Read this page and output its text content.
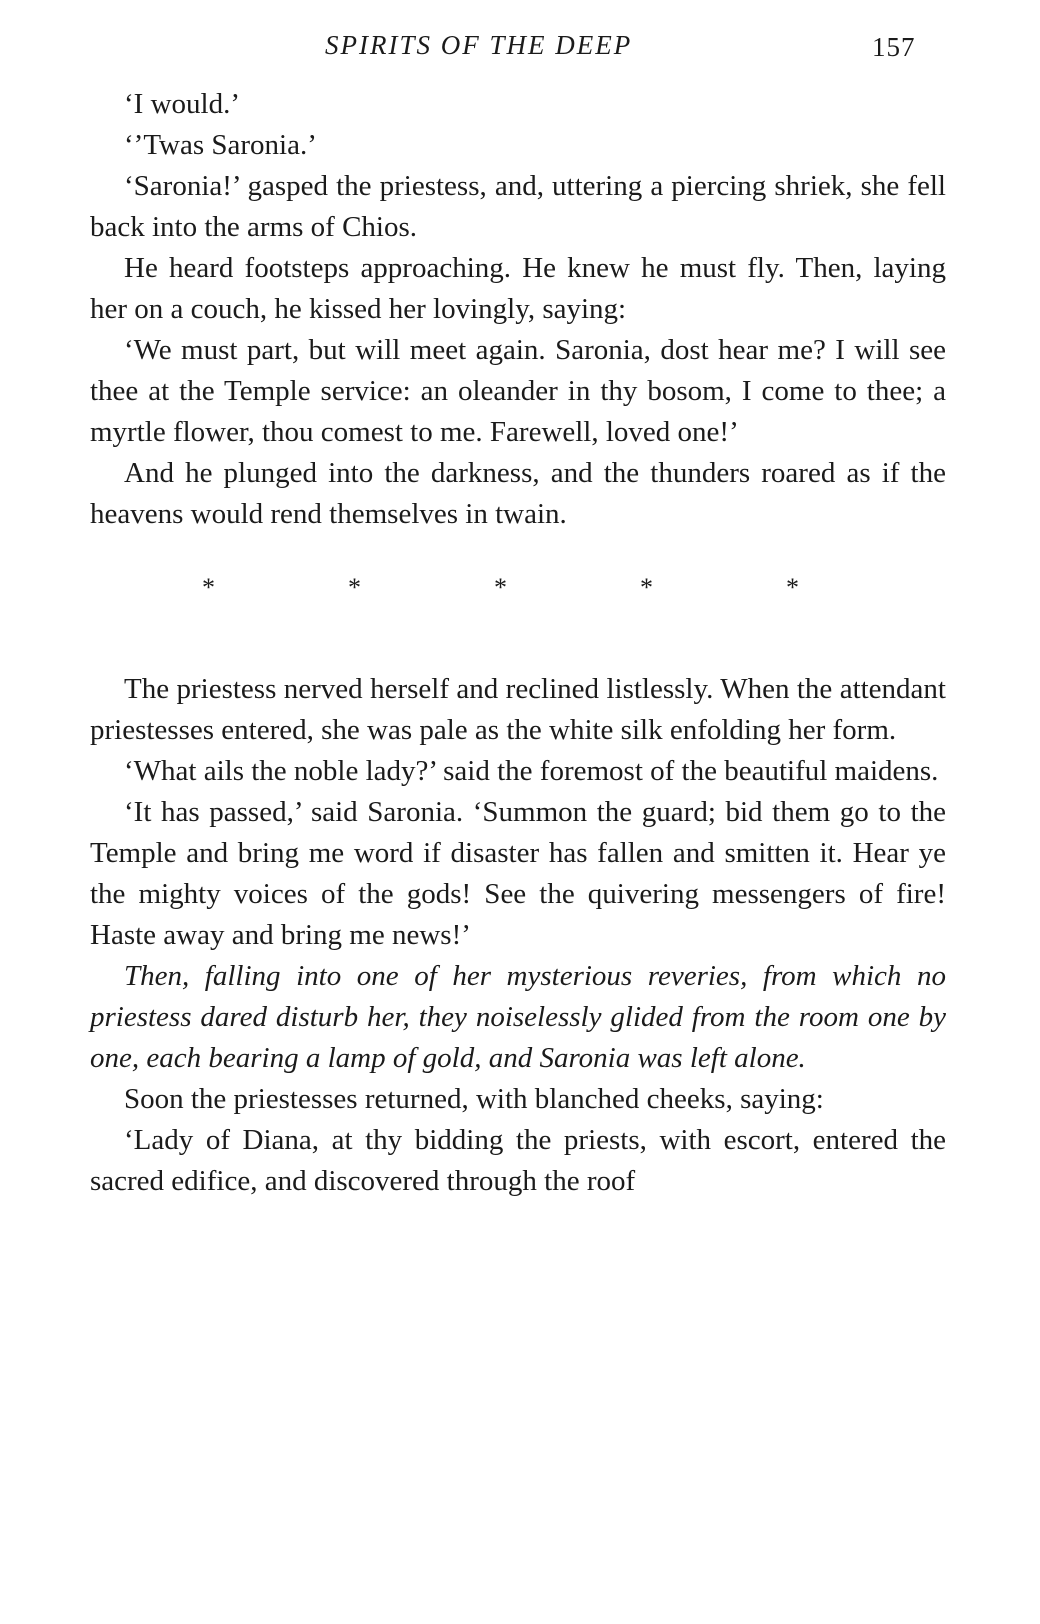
SPIRITS OF THE DEEP	157

‘I would.’

‘’Twas Saronia.’

‘Saronia!’ gasped the priestess, and, uttering a piercing shriek, she fell back into the arms of Chios.

He heard footsteps approaching. He knew he must fly. Then, laying her on a couch, he kissed her lovingly, saying:

‘We must part, but will meet again. Saronia, dost hear me? I will see thee at the Temple service: an oleander in thy bosom, I come to thee; a myrtle flower, thou comest to me. Farewell, loved one!’

And he plunged into the darkness, and the thunders roared as if the heavens would rend themselves in twain.

*	*	*	*	*

The priestess nerved herself and reclined listlessly. When the attendant priestesses entered, she was pale as the white silk enfolding her form.

‘What ails the noble lady?’ said the foremost of the beautiful maidens.

‘It has passed,’ said Saronia. ‘Summon the guard; bid them go to the Temple and bring me word if disaster has fallen and smitten it. Hear ye the mighty voices of the gods! See the quivering messengers of fire! Haste away and bring me news!’

Then, falling into one of her mysterious reveries, from which no priestess dared disturb her, they noiselessly glided from the room one by one, each bearing a lamp of gold, and Saronia was left alone.

Soon the priestesses returned, with blanched cheeks, saying:

‘Lady of Diana, at thy bidding the priests, with escort, entered the sacred edifice, and discovered through the roof
